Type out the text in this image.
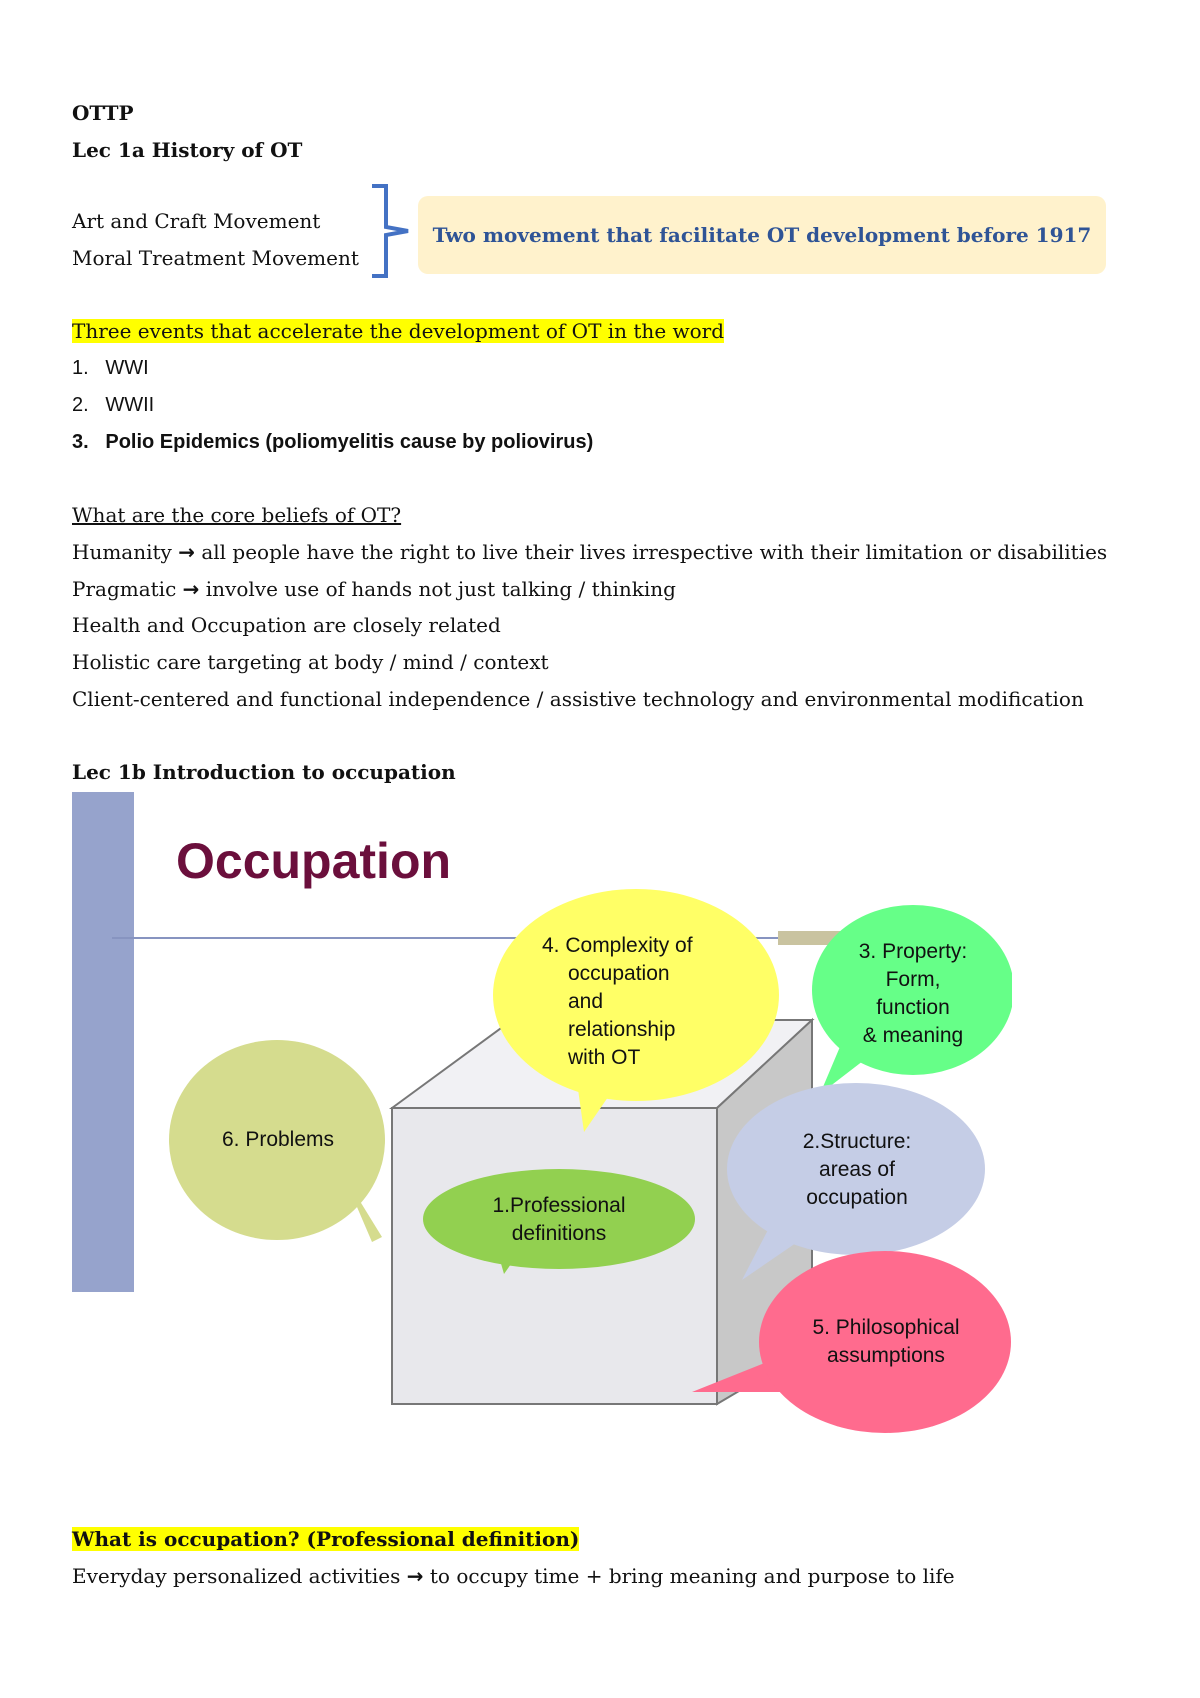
OTTP
Lec 1a History of OT
Art and Craft Movement
Moral Treatment Movement
Two movement that facilitate OT development before 1917
Three events that accelerate the development of OT in the word
1. WWI
2. WWII
3. Polio Epidemics (poliomyelitis cause by poliovirus)
What are the core beliefs of OT?
Humanity → all people have the right to live their lives irrespective with their limitation or disabilities
Pragmatic → involve use of hands not just talking / thinking
Health and Occupation are closely related
Holistic care targeting at body / mind / context
Client-centered and functional independence / assistive technology and environmental modification
Lec 1b Introduction to occupation
Occupation
6. Problems
1.Professional
definitions
4. Complexity of
occupation
and
relationship
with OT
3. Property:
Form,
function
& meaning
2.Structure:
areas of
occupation
5. Philosophical
assumptions
What is occupation? (Professional definition)
Everyday personalized activities → to occupy time + bring meaning and purpose to life
